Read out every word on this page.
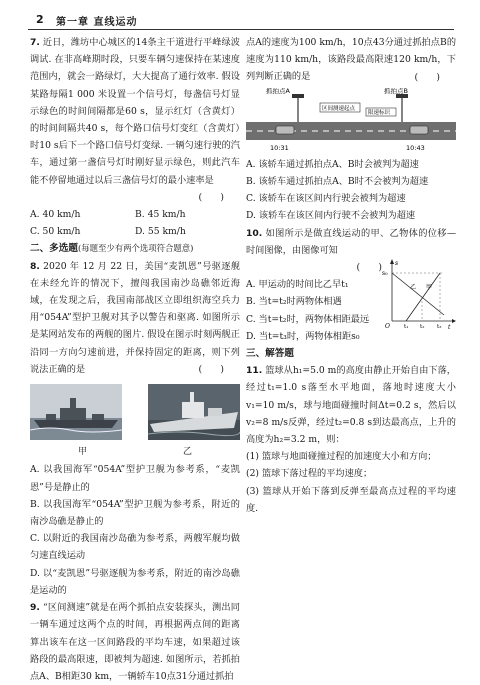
2 第一章 直线运动

7. 近日，潍坊中心城区的14条主干道进行平峰绿波调试. 在非高峰期时段，只要车辆匀速保持在某速度范围内，就会一路绿灯，大大提高了通行效率. 假设某路每隔1 000 米设置一个信号灯，每盏信号灯显示绿色的时间间隔都是60 s，显示红灯（含黄灯）的时间间隔共40 s，每个路口信号灯变红（含黄灯）时10 s后下一个路口信号灯变绿. 一辆匀速行驶的汽车，通过第一盏信号灯时刚好显示绿色，则此汽车能不停留地通过以后三盏信号灯的最小速率是

(　　)

A. 40 km/h	B. 45 km/h
C. 50 km/h	D. 55 km/h

二、多选题(每题至少有两个选项符合题意)

8. 2020 年 12 月 22 日，美国“麦凯恩”号驱逐舰在未经允许的情况下，擅闯我国南沙岛礁邻近海域，在发现之后，我国南部战区立即组织海空兵力用“054A”型护卫舰对其予以警告和驱离. 如图所示是某网站发布的两舰的图片. 假设在图示时刻两舰正沿同一方向匀速前进，并保持固定的距离，则下列说法正确的是	(　　)

甲	乙

A. 以我国海军“054A”型护卫舰为参考系，“麦凯恩”号是静止的

B. 以我国海军“054A”型护卫舰为参考系，附近的南沙岛礁是静止的

C. 以附近的我国南沙岛礁为参考系，两艘军舰均做匀速直线运动

D. 以“麦凯恩”号驱逐舰为参考系，附近的南沙岛礁是运动的

9. “区间测速”就是在两个抓拍点安装探头，测出同一辆车通过这两个点的时间，再根据两点间的距离算出该车在这一区间路段的平均车速，如果超过该路段的最高限速，即被判为超速. 如图所示，若抓拍点A、B相距30 km，一辆轿车10点31分通过抓拍

点A的速度为100 km/h，10点43分通过抓拍点B的速度为110 km/h，该路段最高限速120 km/h，下列判断正确的是	(　　)

抓拍点A	抓拍点B
区间测速起点
限速标识
10:31	10:43

A. 该轿车通过抓拍点A、B时会被判为超速

B. 该轿车通过抓拍点A、B时不会被判为超速

C. 该轿车在该区间内行驶会被判为超速

D. 该轿车在该区间内行驶不会被判为超速

10. 如图所示是做直线运动的甲、乙物体的位移—时间图像，由图像可知

(　　)

A. 甲运动的时间比乙早t₁

B. 当t=t₂时两物体相遇

C. 当t=t₂时，两物体相距最远

s
t
s₀
O
甲
乙
t₁ t₂ t₃

D. 当t=t₃时，两物体相距s₀

三、解答题

11. 篮球从h₁=5.0 m的高度由静止开始自由下落，经过t₁=1.0 s落至水平地面，落地时速度大小v₁=10 m/s，球与地面碰撞时间Δt=0.2 s，然后以v₂=8 m/s反弹，经过t₂=0.8 s到达最高点，上升的高度为h₂=3.2 m，则：

(1) 篮球与地面碰撞过程的加速度大小和方向；

(2) 篮球下落过程的平均速度；

(3) 篮球从开始下落到反弹至最高点过程的平均速度.
